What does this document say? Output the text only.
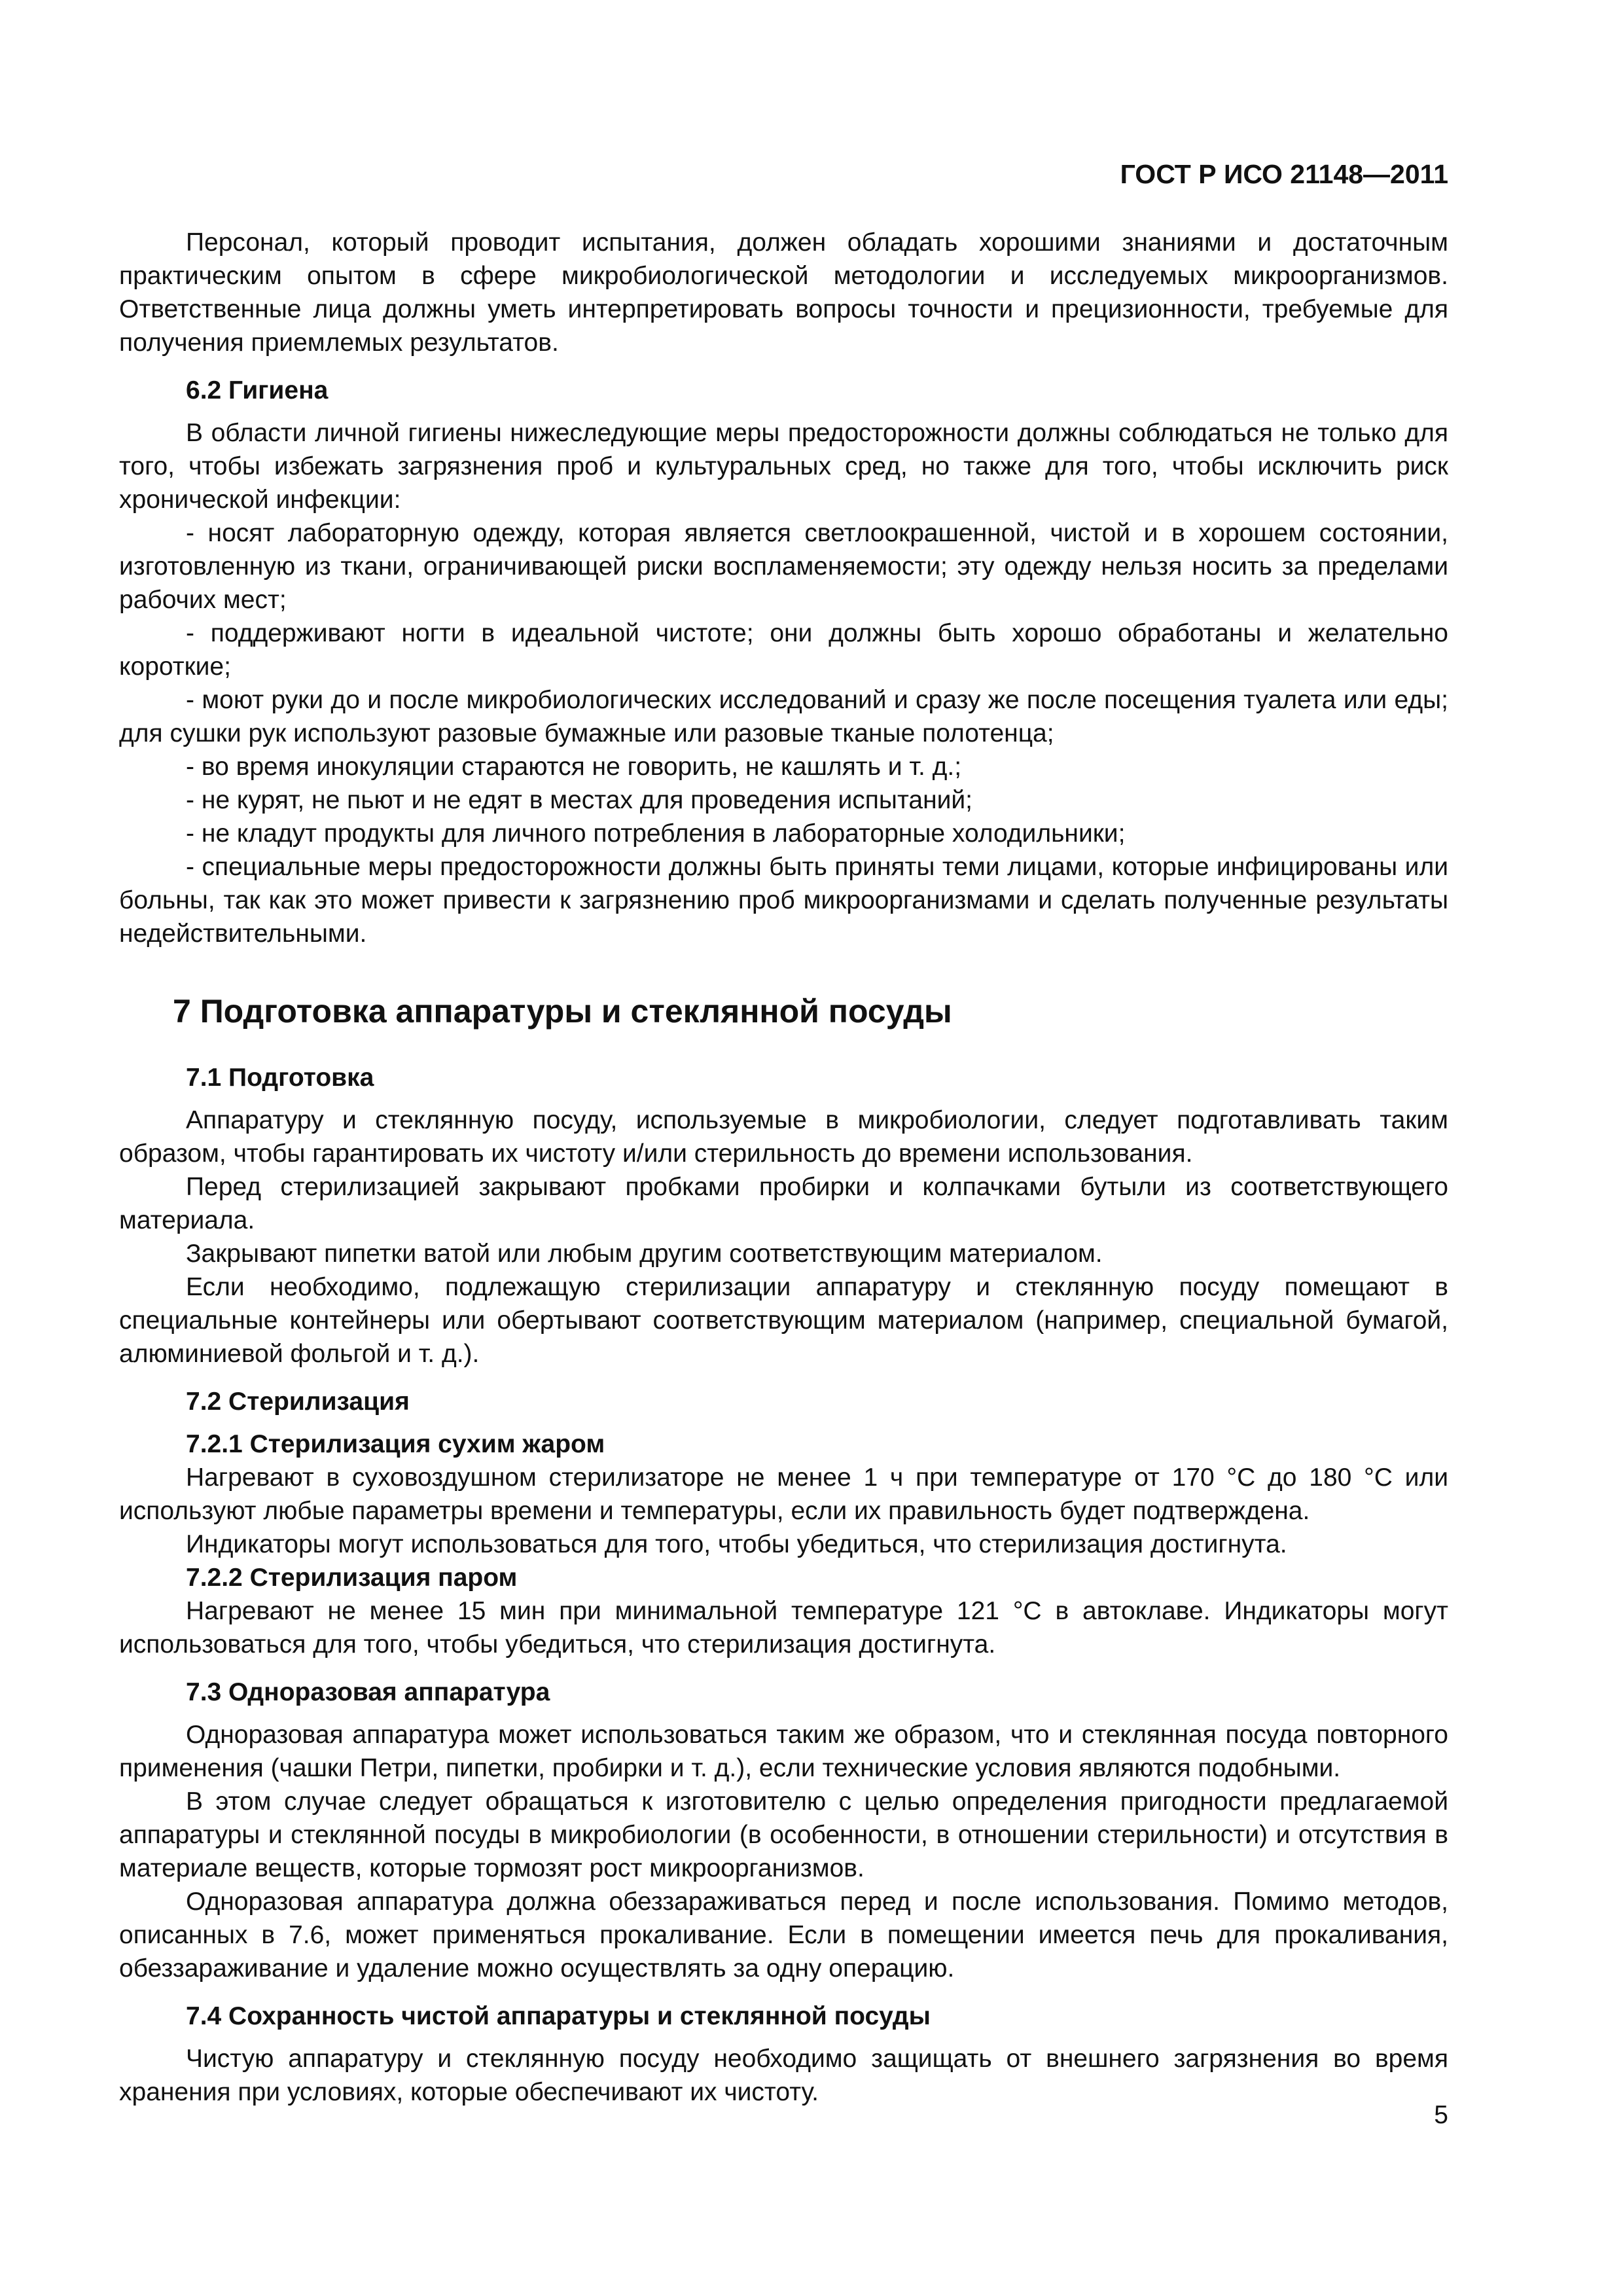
ГОСТ Р ИСО 21148—2011

Персонал, который проводит испытания, должен обладать хорошими знаниями и достаточным практическим опытом в сфере микробиологической методологии и исследуемых микроорганизмов. Ответственные лица должны уметь интерпретировать вопросы точности и прецизионности, требуемые для получения приемлемых результатов.

6.2 Гигиена

В области личной гигиены нижеследующие меры предосторожности должны соблюдаться не только для того, чтобы избежать загрязнения проб и культуральных сред, но также для того, чтобы исключить риск хронической инфекции:

- носят лабораторную одежду, которая является светлоокрашенной, чистой и в хорошем состоянии, изготовленную из ткани, ограничивающей риски воспламеняемости; эту одежду нельзя носить за пределами рабочих мест;

- поддерживают ногти в идеальной чистоте; они должны быть хорошо обработаны и желательно короткие;

- моют руки до и после микробиологических исследований и сразу же после посещения туалета или еды; для сушки рук используют разовые бумажные или разовые тканые полотенца;

- во время инокуляции стараются не говорить, не кашлять и т. д.;

- не курят, не пьют и не едят в местах для проведения испытаний;

- не кладут продукты для личного потребления в лабораторные холодильники;

- специальные меры предосторожности должны быть приняты теми лицами, которые инфицированы или больны, так как это может привести к загрязнению проб микроорганизмами и сделать полученные результаты недействительными.

7 Подготовка аппаратуры и стеклянной посуды
7.1 Подготовка

Аппаратуру и стеклянную посуду, используемые в микробиологии, следует подготавливать таким образом, чтобы гарантировать их чистоту и/или стерильность до времени использования.

Перед стерилизацией закрывают пробками пробирки и колпачками бутыли из соответствующего материала.

Закрывают пипетки ватой или любым другим соответствующим материалом.

Если необходимо, подлежащую стерилизации аппаратуру и стеклянную посуду помещают в специальные контейнеры или обертывают соответствующим материалом (например, специальной бумагой, алюминиевой фольгой и т. д.).

7.2 Стерилизация
7.2.1 Стерилизация сухим жаром

Нагревают в суховоздушном стерилизаторе не менее 1 ч при температуре от 170 °С до 180 °С или используют любые параметры времени и температуры, если их правильность будет подтверждена.

Индикаторы могут использоваться для того, чтобы убедиться, что стерилизация достигнута.

7.2.2 Стерилизация паром

Нагревают не менее 15 мин при минимальной температуре 121 °С в автоклаве. Индикаторы могут использоваться для того, чтобы убедиться, что стерилизация достигнута.

7.3 Одноразовая аппаратура

Одноразовая аппаратура может использоваться таким же образом, что и стеклянная посуда повторного применения (чашки Петри, пипетки, пробирки и т. д.), если технические условия являются подобными.

В этом случае следует обращаться к изготовителю с целью определения пригодности предлагаемой аппаратуры и стеклянной посуды в микробиологии (в особенности, в отношении стерильности) и отсутствия в материале веществ, которые тормозят рост микроорганизмов.

Одноразовая аппаратура должна обеззараживаться перед и после использования. Помимо методов, описанных в 7.6, может применяться прокаливание. Если в помещении имеется печь для прокаливания, обеззараживание и удаление можно осуществлять за одну операцию.

7.4 Сохранность чистой аппаратуры и стеклянной посуды

Чистую аппаратуру и стеклянную посуду необходимо защищать от внешнего загрязнения во время хранения при условиях, которые обеспечивают их чистоту.

5
